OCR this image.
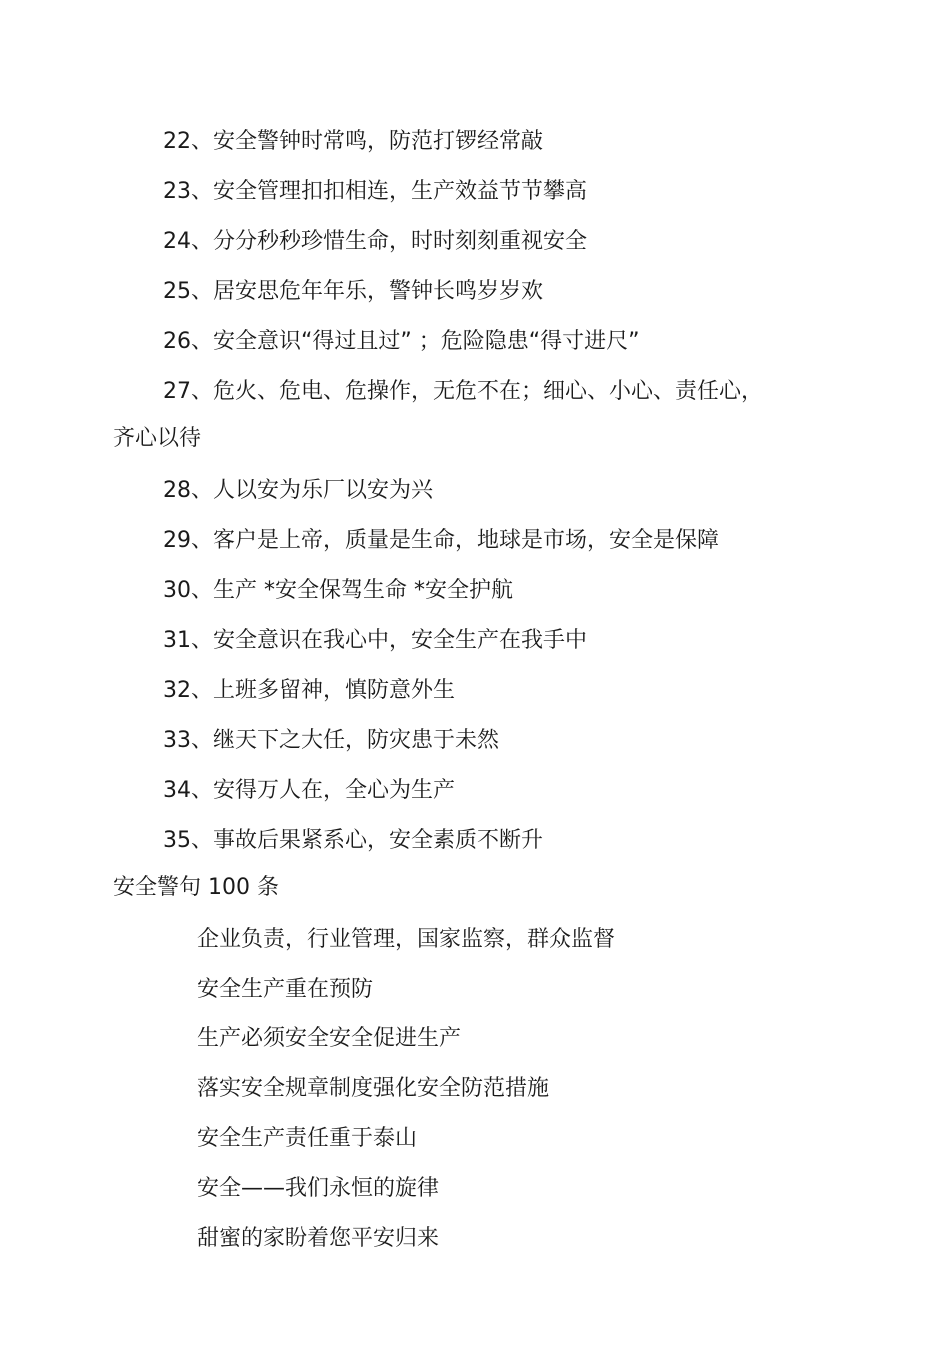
22、安全警钟时常鸣，防范打锣经常敲
23、安全管理扣扣相连，生产效益节节攀高
24、分分秒秒珍惜生命，时时刻刻重视安全
25、居安思危年年乐，警钟长鸣岁岁欢
26、安全意识“得过且过” ；危险隐患“得寸进尺”
27、危火、危电、危操作，无危不在；细心、小心、责任心，
齐心以待
28、人以安为乐厂以安为兴
29、客户是上帝，质量是生命，地球是市场，安全是保障
30、生产 *安全保驾生命 *安全护航
31、安全意识在我心中，安全生产在我手中
32、上班多留神，慎防意外生
33、继天下之大任，防灾患于未然
34、安得万人在，全心为生产
35、事故后果紧系心，安全素质不断升
安全警句 100 条
企业负责，行业管理，国家监察，群众监督
安全生产重在预防
生产必须安全安全促进生产
落实安全规章制度强化安全防范措施
安全生产责任重于泰山
安全——我们永恒的旋律
甜蜜的家盼着您平安归来
